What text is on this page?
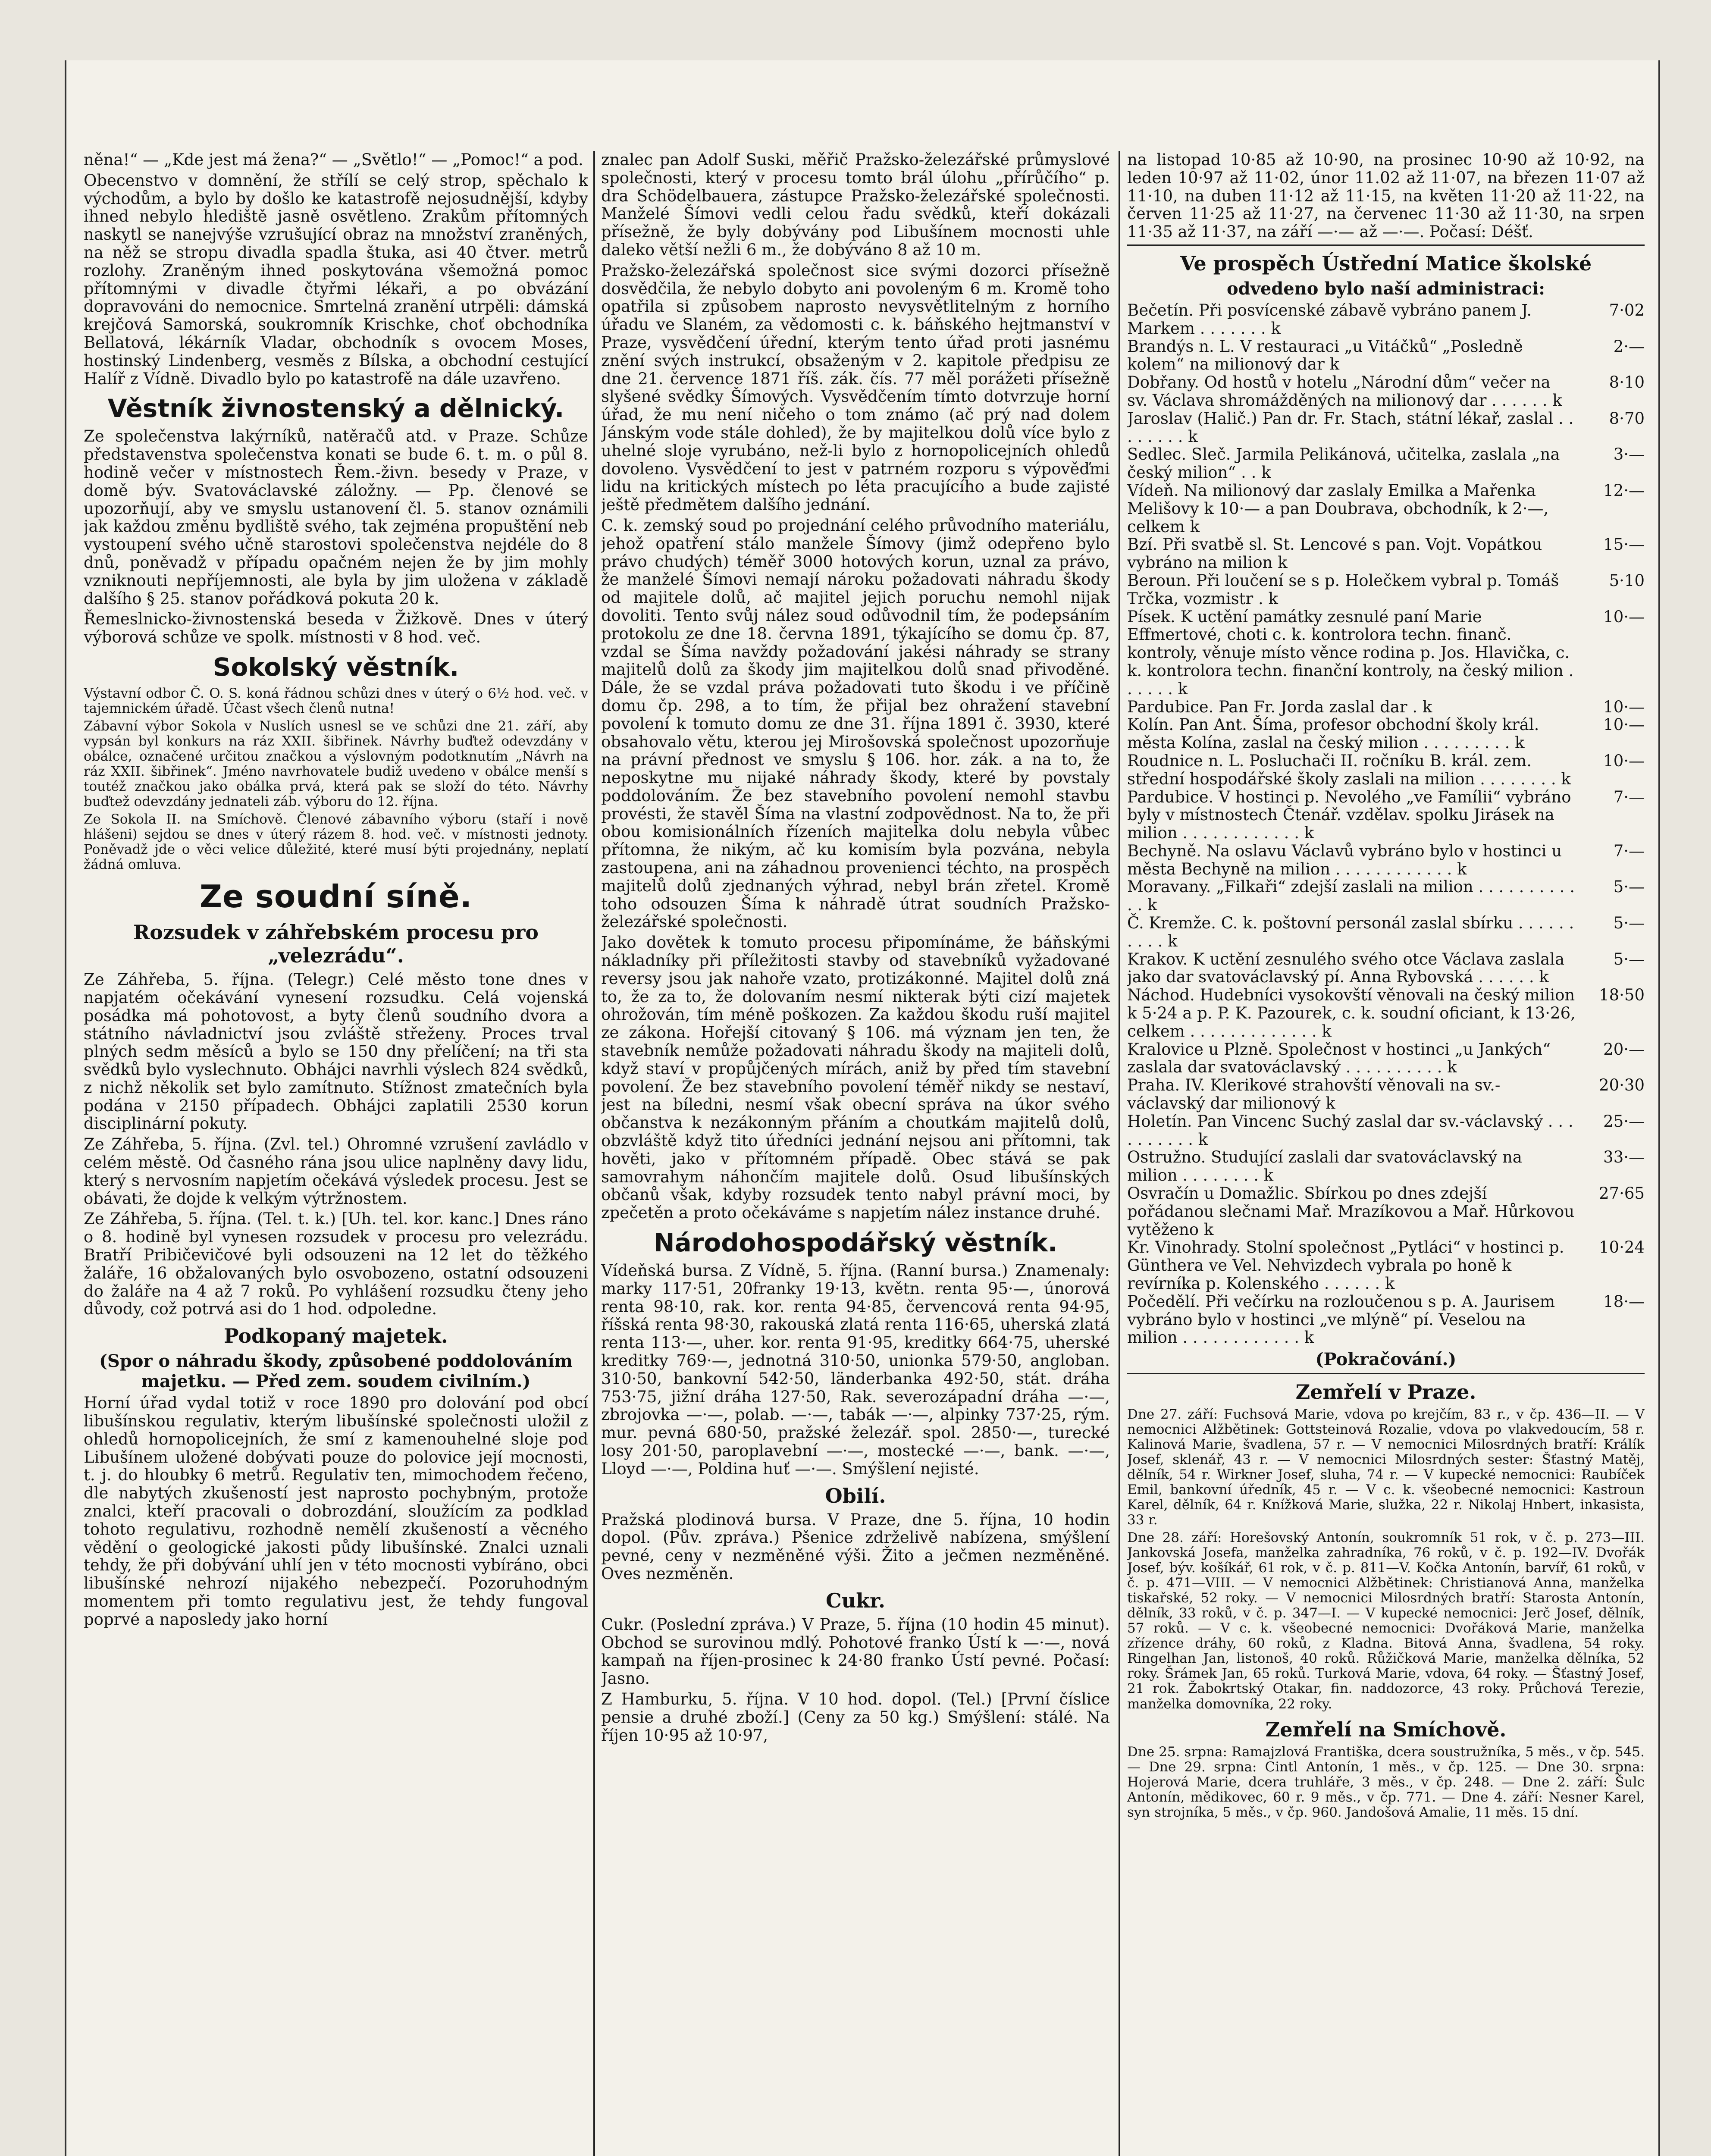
něna!“ — „Kde jest má žena?“ — „Světlo!“ — „Pomoc!“ a pod.

Obecenstvo v domnění, že střílí se celý strop, spěchalo k východům, a bylo by došlo ke katastrofě nejosudnější, kdyby ihned nebylo hlediště jasně osvětleno. Zrakům přítomných naskytl se nanejvýše vzrušující obraz na množství zraněných, na něž se stropu divadla spadla štuka, asi 40 čtver. metrů rozlohy. Zraněným ihned poskytována všemožná pomoc přítomnými v divadle čtyřmi lékaři, a po obvázání dopravováni do nemocnice. Smrtelná zranění utrpěli: dámská krejčová Samorská, soukromník Krischke, choť obchodníka Bellatová, lékárník Vladar, obchodník s ovocem Moses, hostinský Lindenberg, vesměs z Bílska, a obchodní cestující Halíř z Vídně. Divadlo bylo po katastrofě na dále uzavřeno.

Věstník živnostenský a dělnický.

Ze společenstva lakýrníků, natěračů atd. v Praze. Schůze představenstva společenstva konati se bude 6. t. m. o půl 8. hodině večer v místnostech Řem.-živn. besedy v Praze, v domě býv. Svatováclavské záložny. — Pp. členové se upozorňují, aby ve smyslu ustanovení čl. 5. stanov oznámili jak každou změnu bydliště svého, tak zejména propuštění neb vystoupení svého učně starostovi společenstva nejdéle do 8 dnů, poněvadž v případu opačném nejen že by jim mohly vzniknouti nepříjemnosti, ale byla by jim uložena v základě dalšího § 25. stanov pořádková pokuta 20 k.

Řemeslnicko-živnostenská beseda v Žižkově. Dnes v úterý výborová schůze ve spolk. místnosti v 8 hod. več.

Sokolský věstník.

Výstavní odbor Č. O. S. koná řádnou schůzi dnes v úterý o 6½ hod. več. v tajemnickém úřadě. Účast všech členů nutna!

Zábavní výbor Sokola v Nuslích usnesl se ve schůzi dne 21. září, aby vypsán byl konkurs na ráz XXII. šibřinek. Návrhy buďtež odevzdány v obálce, označené určitou značkou a výslovným podotknutím „Návrh na ráz XXII. šibřinek“. Jméno navrhovatele budiž uvedeno v obálce menší s toutéž značkou jako obálka prvá, která pak se složí do této. Návrhy buďtež odevzdány jednateli záb. výboru do 12. října.

Ze Sokola II. na Smíchově. Členové zábavního výboru (staří i nově hlášeni) sejdou se dnes v úterý rázem 8. hod. več. v místnosti jednoty. Poněvadž jde o věci velice důležité, které musí býti projednány, neplatí žádná omluva.

Ze soudní síně.
Rozsudek v záhřebském procesu pro „velezrádu“.

Ze Záhřeba, 5. října. (Telegr.) Celé město tone dnes v napjatém očekávání vynesení rozsudku. Celá vojenská posádka má pohotovost, a byty členů soudního dvora a státního návladnictví jsou zvláště střeženy. Proces trval plných sedm měsíců a bylo se 150 dny přelíčení; na tři sta svědků bylo vyslechnuto. Obhájci navrhli výslech 824 svědků, z nichž několik set bylo zamítnuto. Stížnost zmatečních byla podána v 2150 případech. Obhájci zaplatili 2530 korun disciplinární pokuty.

Ze Záhřeba, 5. října. (Zvl. tel.) Ohromné vzrušení zavládlo v celém městě. Od časného rána jsou ulice naplněny davy lidu, který s nervosním napjetím očekává výsledek procesu. Jest se obávati, že dojde k velkým výtržnostem.

Ze Záhřeba, 5. října. (Tel. t. k.) [Uh. tel. kor. kanc.] Dnes ráno o 8. hodině byl vynesen rozsudek v procesu pro velezrádu. Bratří Pribičevičové byli odsouzeni na 12 let do těžkého žaláře, 16 obžalovaných bylo osvobozeno, ostatní odsouzeni do žaláře na 4 až 7 roků. Po vyhlášení rozsudku čteny jeho důvody, což potrvá asi do 1 hod. odpoledne.

Podkopaný majetek.
(Spor o náhradu škody, způsobené poddolováním majetku. — Před zem. soudem civilním.)

Horní úřad vydal totiž v roce 1890 pro dolování pod obcí libušínskou regulativ, kterým libušínské společnosti uložil z ohledů hornopolicejních, že smí z kamenouhelné sloje pod Libušínem uložené dobývati pouze do polovice její mocnosti, t. j. do hloubky 6 metrů. Regulativ ten, mimochodem řečeno, dle nabytých zkušeností jest naprosto pochybným, protože znalci, kteří pracovali o dobrozdání, sloužícím za podklad tohoto regulativu, rozhodně nemělí zkušeností a věcného vědění o geologické jakosti půdy libušínské. Znalci uznali tehdy, že při dobývání uhlí jen v této mocnosti vybíráno, obci libušínské nehrozí nijakého nebezpečí. Pozoruhodným momentem při tomto regulativu jest, že tehdy fungoval poprvé a naposledy jako horní

znalec pan Adolf Suski, měřič Pražsko-železářské průmyslové společnosti, který v procesu tomto brál úlohu „přírůčího“ p. dra Schödelbauera, zástupce Pražsko-železářské společnosti. Manželé Šímovi vedli celou řadu svědků, kteří dokázali přísežně, že byly dobývány pod Libušínem mocnosti uhle daleko větší nežli 6 m., že dobýváno 8 až 10 m.

Pražsko-železářská společnost sice svými dozorci přísežně dosvědčila, že nebylo dobyto ani povoleným 6 m. Kromě toho opatřila si způsobem naprosto nevysvětlitelným z horního úřadu ve Slaném, za vědomosti c. k. báňského hejtmanství v Praze, vysvědčení úřední, kterým tento úřad proti jasnému znění svých instrukcí, obsaženým v 2. kapitole předpisu ze dne 21. července 1871 říš. zák. čís. 77 měl porážeti přísežně slyšené svědky Šímových. Vysvědčením tímto dotvrzuje horní úřad, že mu není ničeho o tom známo (ač prý nad dolem Jánským vode stále dohled), že by majitelkou dolů více bylo z uhelné sloje vyrubáno, než-li bylo z hornopolicejních ohledů dovoleno. Vysvědčení to jest v patrném rozporu s výpověďmi lidu na kritických místech po léta pracujícího a bude zajisté ještě předmětem dalšího jednání.

C. k. zemský soud po projednání celého průvodního materiálu, jehož opatření stálo manžele Šímovy (jimž odepřeno bylo právo chudých) téměř 3000 hotových korun, uznal za právo, že manželé Šímovi nemají nároku požadovati náhradu škody od majitele dolů, ač majitel jejich poruchu nemohl nijak dovoliti. Tento svůj nález soud odůvodnil tím, že podepsáním protokolu ze dne 18. června 1891, týkajícího se domu čp. 87, vzdal se Šíma navždy požadování jakési náhrady se strany majitelů dolů za škody jim majitelkou dolů snad přivoděné. Dále, že se vzdal práva požadovati tuto škodu i ve příčině domu čp. 298, a to tím, že přijal bez ohražení stavební povolení k tomuto domu ze dne 31. října 1891 č. 3930, které obsahovalo větu, kterou jej Mirošovská společnost upozorňuje na právní přednost ve smyslu § 106. hor. zák. a na to, že neposkytne mu nijaké náhrady škody, které by povstaly poddolováním. Že bez stavebního povolení nemohl stavbu provésti, že stavěl Šíma na vlastní zodpovědnost. Na to, že při obou komisionálních řízeních majitelka dolu nebyla vůbec přítomna, že nikým, ač ku komisím byla pozvána, nebyla zastoupena, ani na záhadnou provenienci téchto, na prospěch majitelů dolů zjednaných výhrad, nebyl brán zřetel. Kromě toho odsouzen Šíma k náhradě útrat soudních Pražsko-železářské společnosti.

Jako dovětek k tomuto procesu připomínáme, že báňskými nákladníky při příležitosti stavby od stavebníků vyžadované reversy jsou jak nahoře vzato, protizákonné. Majitel dolů zná to, že za to, že dolovaním nesmí nikterak býti cizí majetek ohrožován, tím méně poškozen. Za každou škodu ruší majitel ze zákona. Hořejší citovaný § 106. má význam jen ten, že stavebník nemůže požadovati náhradu škody na majiteli dolů, když staví v propůjčených mírách, aniž by před tím stavební povolení. Že bez stavebního povolení téměř nikdy se nestaví, jest na bíledni, nesmí však obecní správa na úkor svého občanstva k nezákonným přáním a choutkám majitelů dolů, obzvláště když tito úředníci jednání nejsou ani přítomni, tak hověti, jako v přítomném případě. Obec stává se pak samovrahym náhončím majitele dolů. Osud libušínských občanů však, kdyby rozsudek tento nabyl právní moci, by zpečetěn a proto očekáváme s napjetím nález instance druhé.

Národohospodářský věstník.

Vídeňská bursa. Z Vídně, 5. října. (Ranní bursa.) Znamenaly: marky 117·51, 20franky 19·13, květn. renta 95·—, únorová renta 98·10, rak. kor. renta 94·85, červencová renta 94·95, říšská renta 98·30, rakouská zlatá renta 116·65, uherská zlatá renta 113·—, uher. kor. renta 91·95, kreditky 664·75, uherské kreditky 769·—, jednotná 310·50, unionka 579·50, angloban. 310·50, bankovní 542·50, länderbanka 492·50, stát. dráha 753·75, jižní dráha 127·50, Rak. severozápadní dráha —·—, zbrojovka —·—, polab. —·—, tabák —·—, alpinky 737·25, rým. mur. pevná 680·50, pražské železář. spol. 2850·—, turecké losy 201·50, paroplavební —·—, mostecké —·—, bank. —·—, Lloyd —·—, Poldina huť —·—. Smýšlení nejisté.

Obilí.

Pražská plodinová bursa. V Praze, dne 5. října, 10 hodin dopol. (Pův. zpráva.) Pšenice zdrželivě nabízena, smýšlení pevné, ceny v nezměněné výši. Žito a ječmen nezměněné. Oves nezměněn.

Cukr.

Cukr. (Poslední zpráva.) V Praze, 5. října (10 hodin 45 minut). Obchod se surovinou mdlý. Pohotové franko Ústí k —·—, nová kampaň na říjen-prosinec k 24·80 franko Ústí pevné. Počasí: Jasno.

Z Hamburku, 5. října. V 10 hod. dopol. (Tel.) [První číslice pensie a druhé zboží.] (Ceny za 50 kg.) Smýšlení: stálé. Na říjen 10·95 až 10·97,

na listopad 10·85 až 10·90, na prosinec 10·90 až 10·92, na leden 10·97 až 11·02, únor 11.02 až 11·07, na březen 11·07 až 11·10, na duben 11·12 až 11·15, na květen 11·20 až 11·22, na červen 11·25 až 11·27, na červenec 11·30 až 11·30, na srpen 11·35 až 11·37, na září —·— až —·—. Počasí: Déšť.

Ve prospěch Ústřední Matice školské
odvedeno bylo naší administraci:
Bečetín. Při posvícenské zábavě vybráno panem J. Markem . . . . . . . k
7·02
Brandýs n. L. V restauraci „u Vitáčků“ „Posledně kolem“ na milionový dar k
2·—
Dobřany. Od hostů v hotelu „Národní dům“ večer na sv. Václava shromážděných na milionový dar . . . . . . k
8·10
Jaroslav (Halič.) Pan dr. Fr. Stach, státní lékař, zaslal . . . . . . . . k
8·70
Sedlec. Sleč. Jarmila Pelikánová, učitelka, zaslala „na český milion“ . . k
3·—
Vídeň. Na milionový dar zaslaly Emilka a Mařenka Melišovy k 10·— a pan Doubrava, obchodník, k 2·—, celkem k
12·—
Bzí. Při svatbě sl. St. Lencové s pan. Vojt. Vopátkou vybráno na milion k
15·—
Beroun. Při loučení se s p. Holečkem vybral p. Tomáš Trčka, vozmistr . k
5·10
Písek. K uctění památky zesnulé paní Marie Effmertové, choti c. k. kontrolora techn. finanč. kontroly, věnuje místo věnce rodina p. Jos. Hlavička, c. k. kontrolora techn. finanční kontroly, na český milion . . . . . . k
10·—
Pardubice. Pan Fr. Jorda zaslal dar . k	10·—
Kolín. Pan Ant. Šíma, profesor obchodní školy král. města Kolína, zaslal na český milion . . . . . . . . . k
10·—
Roudnice n. L. Posluchači II. ročníku B. král. zem. střední hospodářské školy zaslali na milion . . . . . . . . k
10·—
Pardubice. V hostinci p. Nevolého „ve Famílii“ vybráno byly v místnostech Čtenář. vzdělav. spolku Jirásek na milion . . . . . . . . . . . . k
7·—
Bechyně. Na oslavu Václavů vybráno bylo v hostinci u města Bechyně na milion . . . . . . . . . . . . k
7·—
Moravany. „Filkaři“ zdejší zaslali na milion . . . . . . . . . . . . k
5·—
Č. Kremže. C. k. poštovní personál zaslal sbírku . . . . . . . . . . k
5·—
Krakov. K uctění zesnulého svého otce Václava zaslala jako dar svatováclavský pí. Anna Rybovská . . . . . . k
5·—
Náchod. Hudebníci vysokovští věnovali na český milion k 5·24 a p. P. K. Pazourek, c. k. soudní oficiant, k 13·26, celkem . . . . . . . . . . . . . k
18·50
Kralovice u Plzně. Společnost v hostinci „u Jankých“ zaslala dar svatováclavský . . . . . . . . . . k
20·—
Praha. IV. Klerikové strahovští věnovali na sv.-václavský dar milionový k
20·30
Holetín. Pan Vincenc Suchý zaslal dar sv.-václavský . . . . . . . . . . k
25·—
Ostružno. Studující zaslali dar svatováclavský na milion . . . . . . . . k
33·—
Osvračín u Domažlic. Sbírkou po dnes zdejší pořádanou slečnami Mař. Mrazíkovou a Mař. Hůrkovou vytěženo k
27·65
Kr. Vinohrady. Stolní společnost „Pytláci“ v hostinci p. Günthera ve Vel. Nehvizdech vybrala po honě k revírníka p. Kolenského . . . . . . k
10·24
Počedělí. Při večírku na rozloučenou s p. A. Jaurisem vybráno bylo v hostinci „ve mlýně“ pí. Veselou na milion . . . . . . . . . . . . k
18·—
(Pokračování.)
Zemřelí v Praze.

Dne 27. září: Fuchsová Marie, vdova po krejčím, 83 r., v čp. 436—II. — V nemocnici Alžbětinek: Gottsteinová Rozalie, vdova po vlakvedoucím, 58 r. Kalinová Marie, švadlena, 57 r. — V nemocnici Milosrdných bratří: Králík Josef, sklenář, 43 r. — V nemocnici Milosrdných sester: Šťastný Matěj, dělník, 54 r. Wirkner Josef, sluha, 74 r. — V kupecké nemocnici: Raubíček Emil, bankovní úředník, 45 r. — V c. k. všeobecné nemocnici: Kastroun Karel, dělník, 64 r. Knížková Marie, služka, 22 r. Nikolaj Hnbert, inkasista, 33 r.

Dne 28. září: Horešovský Antonín, soukromník 51 rok, v č. p. 273—III. Jankovská Josefa, manželka zahradníka, 76 roků, v č. p. 192—IV. Dvořák Josef, býv. košíkář, 61 rok, v č. p. 811—V. Kočka Antonín, barvíř, 61 roků, v č. p. 471—VIII. — V nemocnici Alžbětinek: Christianová Anna, manželka tiskařské, 52 roky. — V nemocnici Milosrdných bratří: Starosta Antonín, dělník, 33 roků, v č. p. 347—I. — V kupecké nemocnici: Jerč Josef, dělník, 57 roků. — V c. k. všeobecné nemocnici: Dvořáková Marie, manželka zřízence dráhy, 60 roků, z Kladna. Bitová Anna, švadlena, 54 roky. Ringelhan Jan, listonoš, 40 roků. Růžičková Marie, manželka dělníka, 52 roky. Šrámek Jan, 65 roků. Turková Marie, vdova, 64 roky. — Šťastný Josef, 21 rok. Žabokrtský Otakar, fin. naddozorce, 43 roky. Průchová Terezie, manželka domovníka, 22 roky.

Zemřelí na Smíchově.

Dne 25. srpna: Ramajzlová Františka, dcera soustružníka, 5 měs., v čp. 545. — Dne 29. srpna: Cintl Antonín, 1 měs., v čp. 125. — Dne 30. srpna: Hojerová Marie, dcera truhláře, 3 měs., v čp. 248. — Dne 2. září: Šulc Antonín, mědikovec, 60 r. 9 měs., v čp. 771. — Dne 4. září: Nesner Karel, syn strojníka, 5 měs., v čp. 960. Jandošová Amalie, 11 měs. 15 dní.
